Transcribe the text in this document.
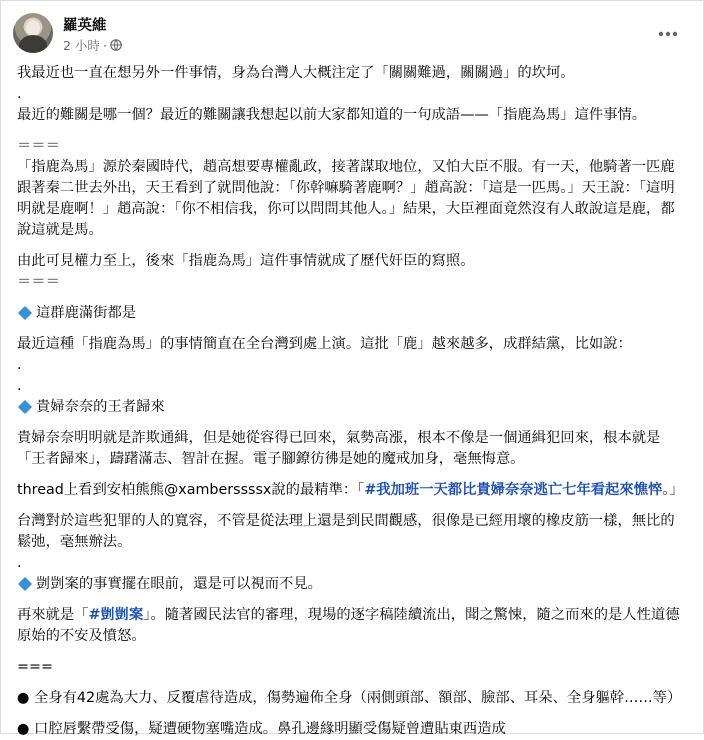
羅英維
2 小時 ·

我最近也一直在想另外一件事情，身為台灣人大概注定了「關關難過，關關過」的坎坷。

.

最近的難關是哪一個？最近的難關讓我想起以前大家都知道的一句成語——「指鹿為馬」這件事情。

＝＝＝

「指鹿為馬」源於秦國時代，趙高想要專權亂政，接著謀取地位，又怕大臣不服。有一天，他騎著一匹鹿跟著秦二世去外出，天王看到了就問他說：「你幹嘛騎著鹿啊？」趙高說：「這是一匹馬。」天王說：「這明明就是鹿啊！」趙高說：「你不相信我，你可以問問其他人。」結果，大臣裡面竟然沒有人敢說這是鹿，都說這就是馬。

由此可見權力至上，後來「指鹿為馬」這件事情就成了歷代奸臣的寫照。

＝＝＝

這群鹿滿街都是

最近這種「指鹿為馬」的事情簡直在全台灣到處上演。這批「鹿」越來越多，成群結黨，比如說：

.

.

貴婦奈奈的王者歸來

貴婦奈奈明明就是詐欺通緝，但是她從容得已回來，氣勢高漲，根本不像是一個通緝犯回來，根本就是「王者歸來」，躊躇滿志、智計在握。電子腳鐐彷彿是她的魔戒加身，毫無悔意。

thread上看到安柏熊熊@xamberssssx說的最精準：「#我加班一天都比貴婦奈奈逃亡七年看起來憔悴。」

台灣對於這些犯罪的人的寬容，不管是從法理上還是到民間觀感，很像是已經用壞的橡皮筋一樣，無比的鬆弛，毫無辦法。

.

剴剴案的事實擺在眼前，還是可以視而不見。

再來就是「#剴剴案」。隨著國民法官的審理，現場的逐字稿陸續流出，聞之驚悚，隨之而來的是人性道德原始的不安及憤怒。

===

● 全身有42處為大力、反覆虐待造成，傷勢遍佈全身（兩側頭部、額部、臉部、耳朵、全身軀幹……等）

● 口腔唇繫帶受傷，疑遭硬物塞嘴造成。鼻孔邊緣明顯受傷疑曾遭貼東西造成
